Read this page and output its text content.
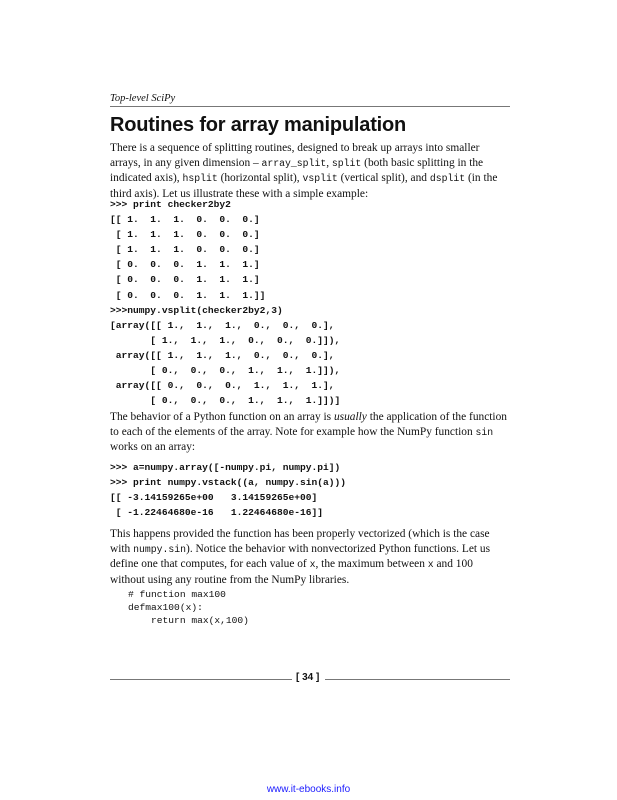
Top-level SciPy
Routines for array manipulation

There is a sequence of splitting routines, designed to break up arrays into smaller arrays, in any given dimension – array_split, split (both basic splitting in the indicated axis), hsplit (horizontal split), vsplit (vertical split), and dsplit (in the third axis). Let us illustrate these with a simple example:

>>> print checker2by2
[[ 1.  1.  1.  0.  0.  0.]
[ 1.  1.  1.  0.  0.  0.]
[ 1.  1.  1.  0.  0.  0.]
[ 0.  0.  0.  1.  1.  1.]
[ 0.  0.  0.  1.  1.  1.]
[ 0.  0.  0.  1.  1.  1.]]
>>>numpy.vsplit(checker2by2,3)
[array([[ 1.,  1.,  1.,  0.,  0.,  0.],
[ 1.,  1.,  1.,  0.,  0.,  0.]]),
array([[ 1.,  1.,  1.,  0.,  0.,  0.],
[ 0.,  0.,  0.,  1.,  1.,  1.]]),
array([[ 0.,  0.,  0.,  1.,  1.,  1.],
[ 0.,  0.,  0.,  1.,  1.,  1.]])]

The behavior of a Python function on an array is usually the application of the function to each of the elements of the array. Note for example how the NumPy function sin works on an array:

>>> a=numpy.array([-numpy.pi, numpy.pi])
>>> print numpy.vstack((a, numpy.sin(a)))
[[ -3.14159265e+00   3.14159265e+00]
[ -1.22464680e-16   1.22464680e-16]]

This happens provided the function has been properly vectorized (which is the case with numpy.sin). Notice the behavior with nonvectorized Python functions. Let us define one that computes, for each value of x, the maximum between x and 100 without using any routine from the NumPy libraries.

# function max100
defmax100(x):
return max(x,100)
[ 34 ]
www.it-ebooks.info
